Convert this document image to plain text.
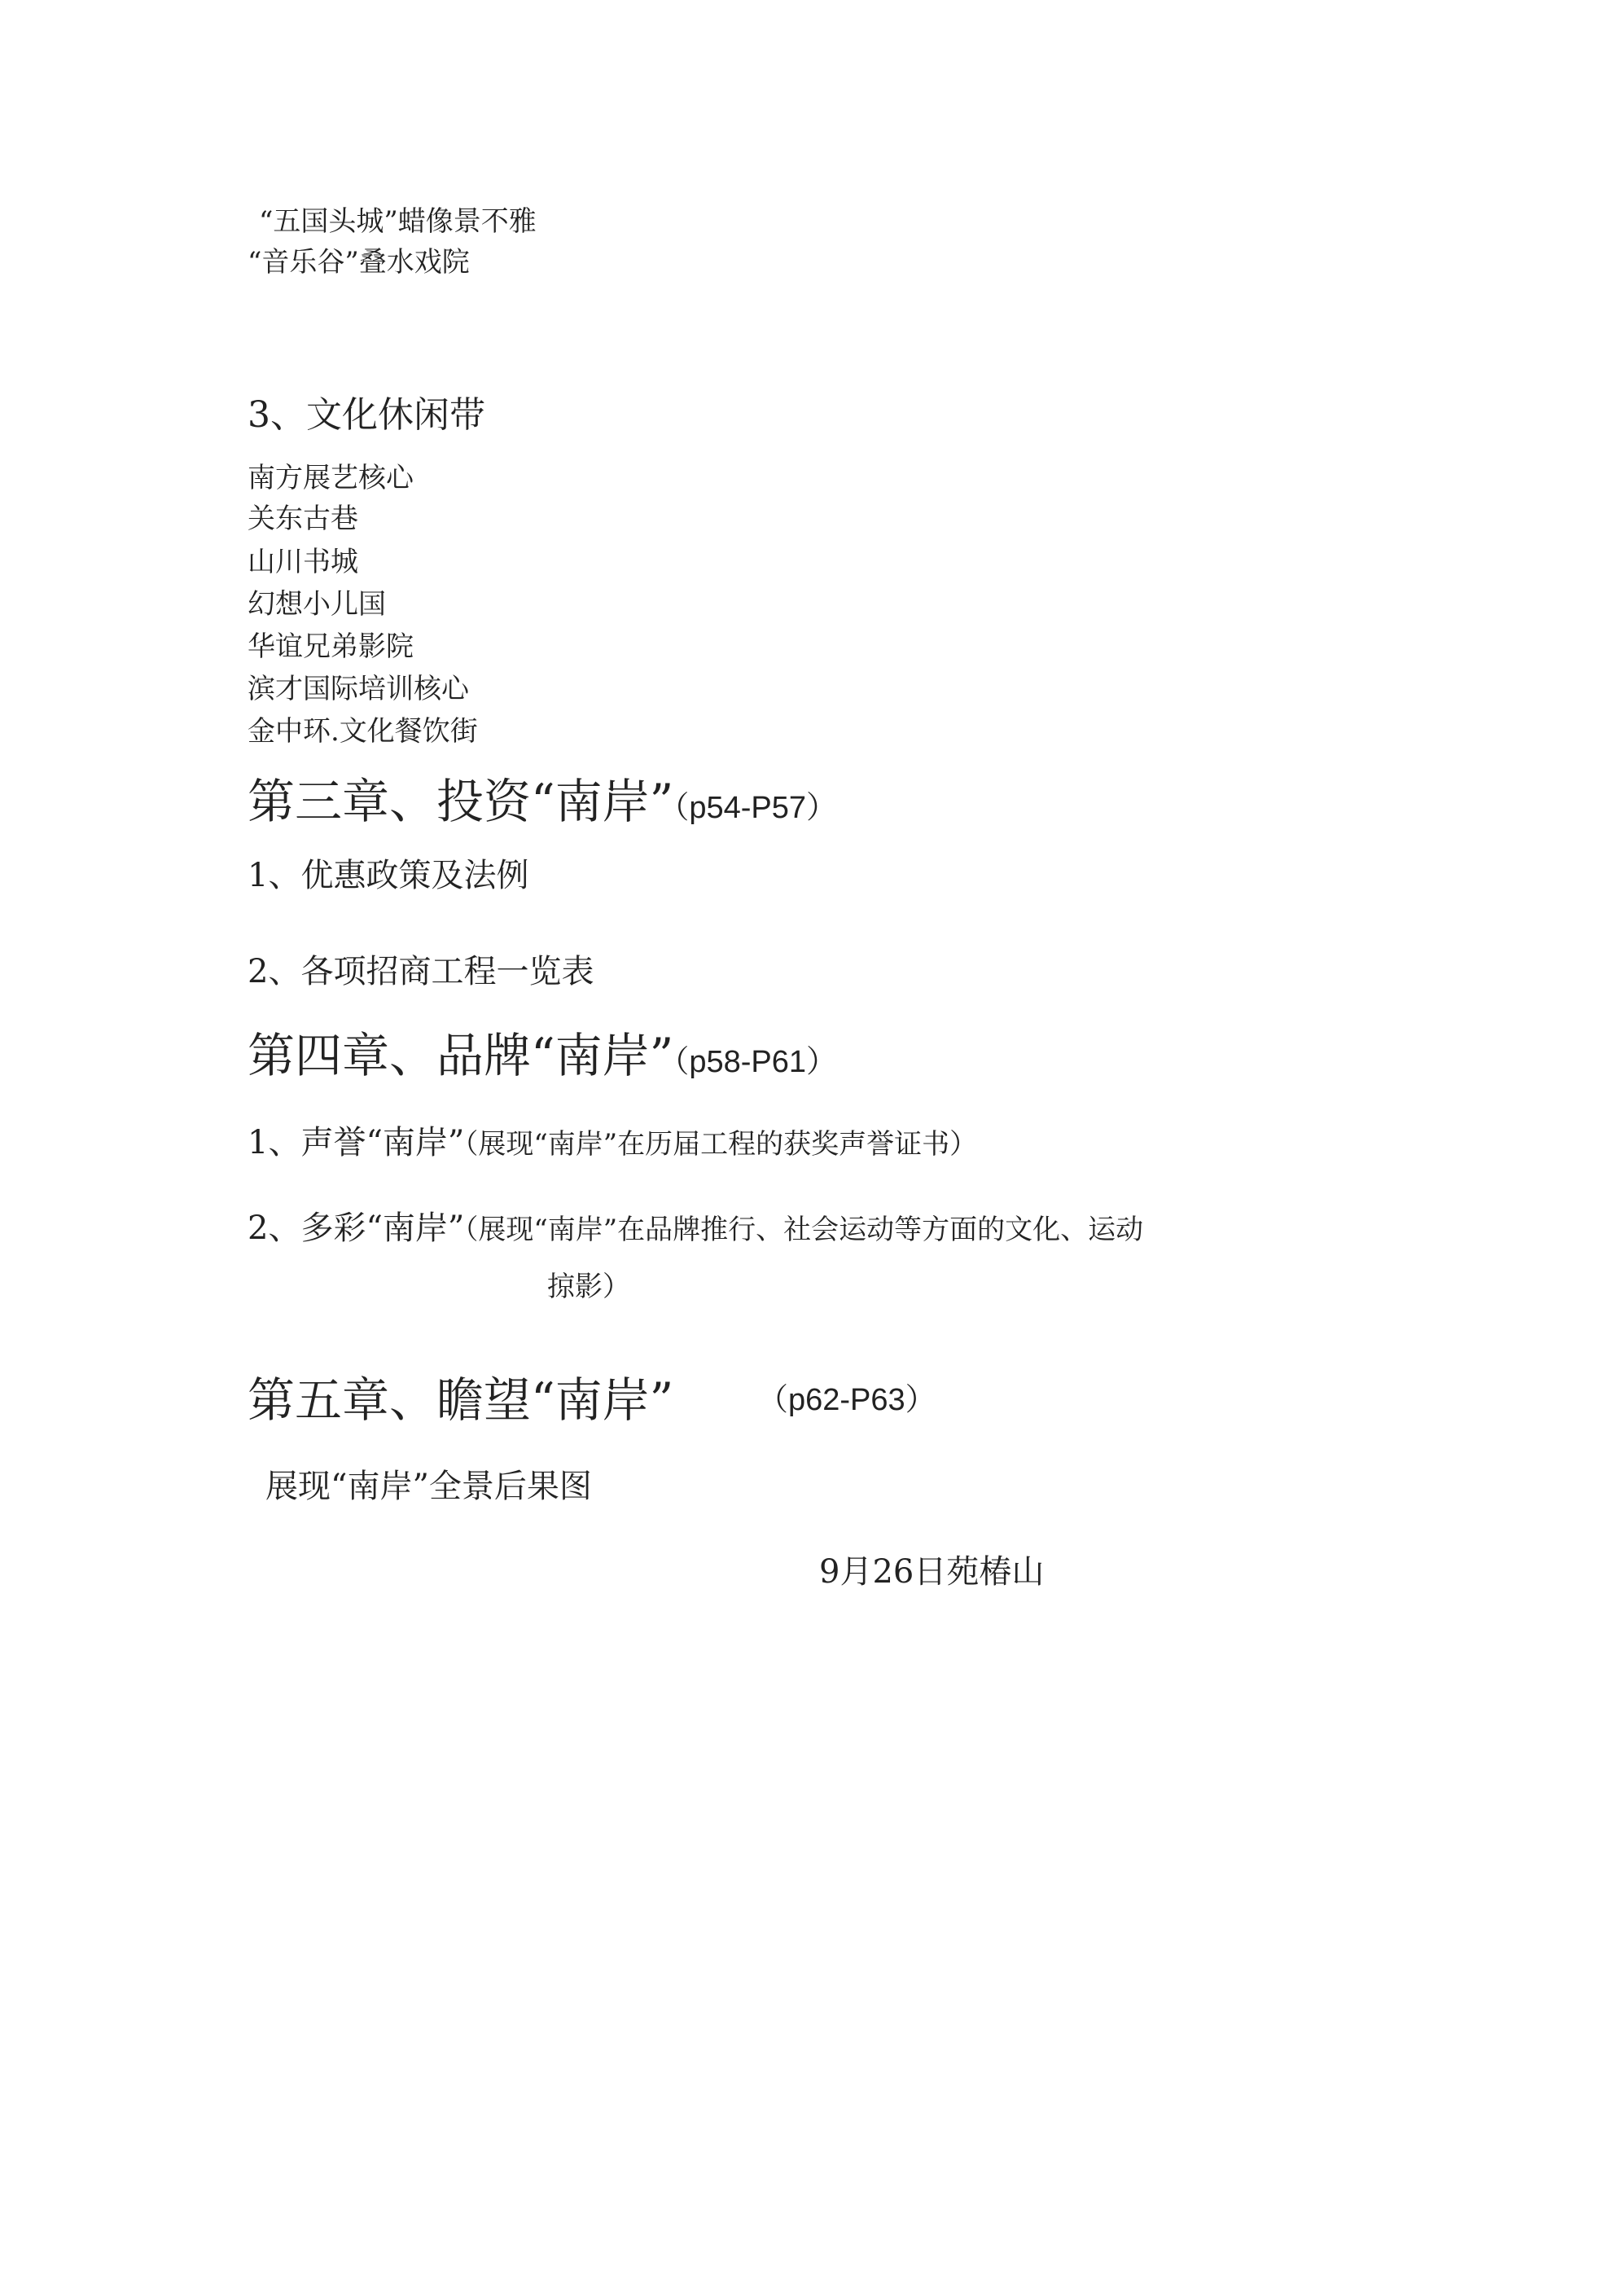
“五国头城”蜡像景不雅
“音乐谷”叠水戏院
3、文化休闲带
南方展艺核心
关东古巷
山川书城
幻想小儿国
华谊兄弟影院
滨才国际培训核心
金中环.文化餐饮街
第三章、投资“南岸”（p54-P57）
1、优惠政策及法例
2、各项招商工程一览表
第四章、品牌“南岸”（p58-P61）
1、声誉“南岸”（展现“南岸”在历届工程的获奖声誉证书）
2、多彩“南岸”（展现“南岸”在品牌推行、社会运动等方面的文化、运动
掠影）
第五章、瞻望“南岸”	（p62-P63）
展现“南岸”全景后果图
9月26日苑椿山
